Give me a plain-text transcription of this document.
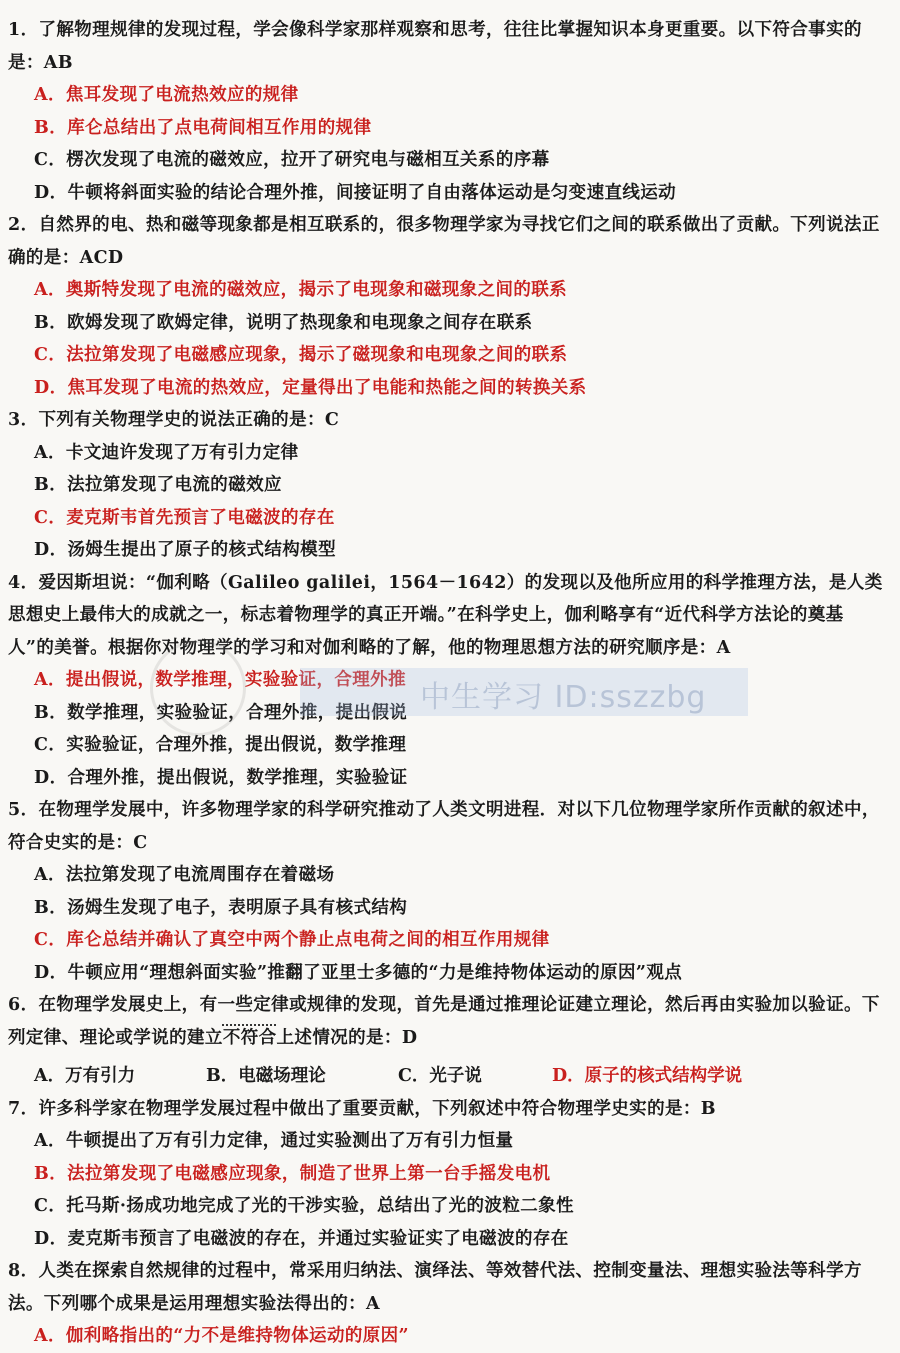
1．了解物理规律的发现过程，学会像科学家那样观察和思考，往往比掌握知识本身更重要。以下符合事实的是：AB
A．焦耳发现了电流热效应的规律
B．库仑总结出了点电荷间相互作用的规律
C．楞次发现了电流的磁效应，拉开了研究电与磁相互关系的序幕
D．牛顿将斜面实验的结论合理外推，间接证明了自由落体运动是匀变速直线运动
2．自然界的电、热和磁等现象都是相互联系的，很多物理学家为寻找它们之间的联系做出了贡献。下列说法正确的是：ACD
A．奥斯特发现了电流的磁效应，揭示了电现象和磁现象之间的联系
B．欧姆发现了欧姆定律，说明了热现象和电现象之间存在联系
C．法拉第发现了电磁感应现象，揭示了磁现象和电现象之间的联系
D．焦耳发现了电流的热效应，定量得出了电能和热能之间的转换关系
3．下列有关物理学史的说法正确的是：C
A．卡文迪许发现了万有引力定律
B．法拉第发现了电流的磁效应
C．麦克斯韦首先预言了电磁波的存在
D．汤姆生提出了原子的核式结构模型
4．爱因斯坦说：“伽利略（Galileo galilei，1564－1642）的发现以及他所应用的科学推理方法，是人类思想史上最伟大的成就之一，标志着物理学的真正开端。”在科学史上，伽利略享有“近代科学方法论的奠基人”的美誉。根据你对物理学的学习和对伽利略的了解，他的物理思想方法的研究顺序是：A
A．提出假说，数学推理，实验验证，合理外推
B．数学推理，实验验证，合理外推，提出假说
C．实验验证，合理外推，提出假说，数学推理
D．合理外推，提出假说，数学推理，实验验证
5．在物理学发展中，许多物理学家的科学研究推动了人类文明进程．对以下几位物理学家所作贡献的叙述中，符合史实的是：C
A．法拉第发现了电流周围存在着磁场
B．汤姆生发现了电子，表明原子具有核式结构
C．库仑总结并确认了真空中两个静止点电荷之间的相互作用规律
D．牛顿应用“理想斜面实验”推翻了亚里士多德的“力是维持物体运动的原因”观点
6．在物理学发展史上，有一些定律或规律的发现，首先是通过推理论证建立理论，然后再由实验加以验证。下列定律、理论或学说的建立不符合上述情况的是：D
A．万有引力	B．电磁场理论	C．光子说	D．原子的核式结构学说
7．许多科学家在物理学发展过程中做出了重要贡献，下列叙述中符合物理学史实的是：B
A．牛顿提出了万有引力定律，通过实验测出了万有引力恒量
B．法拉第发现了电磁感应现象，制造了世界上第一台手摇发电机
C．托马斯·扬成功地完成了光的干涉实验，总结出了光的波粒二象性
D．麦克斯韦预言了电磁波的存在，并通过实验证实了电磁波的存在
8．人类在探索自然规律的过程中，常采用归纳法、演绎法、等效替代法、控制变量法、理想实验法等科学方法。下列哪个成果是运用理想实验法得出的：A
A．伽利略指出的“力不是维持物体运动的原因”
中生学习 ID:sszzbg
